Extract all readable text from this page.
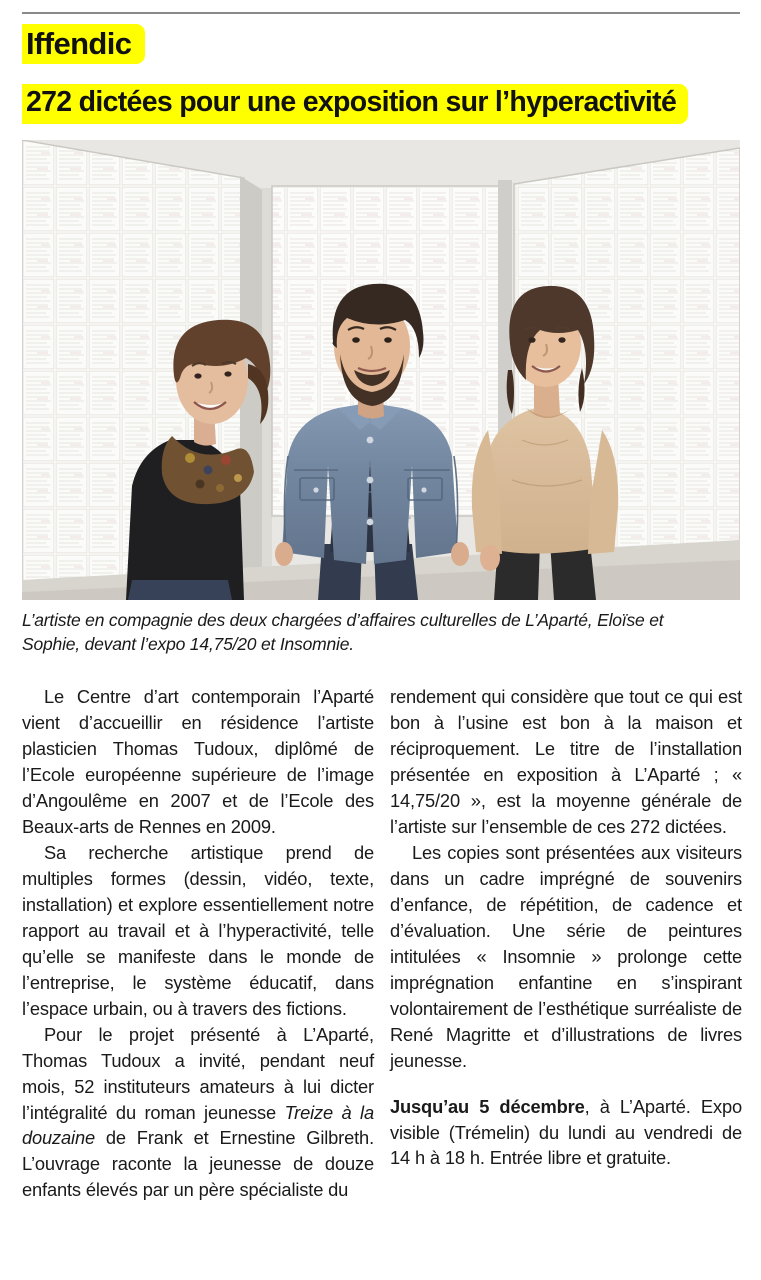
Iffendic
272 dictées pour une exposition sur l’hyperactivité
L’artiste en compagnie des deux chargées d’affaires culturelles de L’Aparté, Eloïse et Sophie, devant l’expo 14,75/20 et Insomnie.

Le Centre d’art contemporain l’Aparté vient d’accueillir en résidence l’artiste plasticien Thomas Tudoux, diplômé de l’Ecole européenne supérieure de l’image d’Angoulême en 2007 et de l’Ecole des Beaux-arts de Rennes en 2009.

Sa recherche artistique prend de multiples formes (dessin, vidéo, texte, installation) et explore essentiellement notre rapport au travail et à l’hyperactivité, telle qu’elle se manifeste dans le monde de l’entreprise, le système éducatif, dans l’espace urbain, ou à travers des fictions.

Pour le projet présenté à L’Aparté, Thomas Tudoux a invité, pendant neuf mois, 52 instituteurs amateurs à lui dicter l’intégralité du roman jeunesse Treize à la douzaine de Frank et Ernestine Gilbreth. L’ouvrage raconte la jeunesse de douze enfants élevés par un père spécialiste du

rendement qui considère que tout ce qui est bon à l’usine est bon à la maison et réciproquement. Le titre de l’installation présentée en exposition à L’Aparté ; « 14,75/20 », est la moyenne générale de l’artiste sur l’ensemble de ces 272 dictées.

Les copies sont présentées aux visiteurs dans un cadre imprégné de souvenirs d’enfance, de répétition, de cadence et d’évaluation. Une série de peintures intitulées « Insomnie » prolonge cette imprégnation enfantine en s’inspirant volontairement de l’esthétique surréaliste de René Magritte et d’illustrations de livres jeunesse.

Jusqu’au 5 décembre, à L’Aparté. Expo visible (Trémelin) du lundi au vendredi de 14 h à 18 h. Entrée libre et gratuite.
